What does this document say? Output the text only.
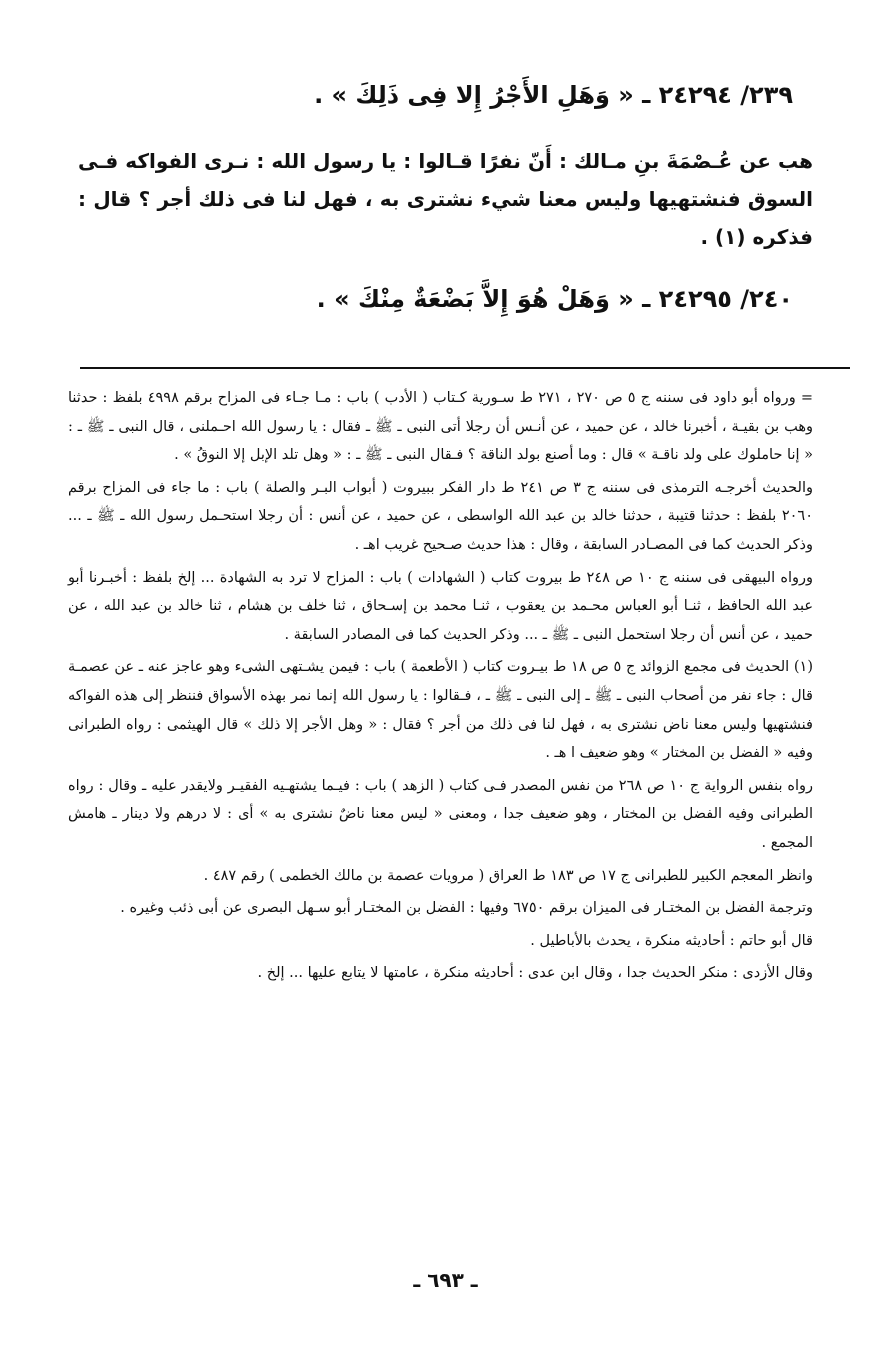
٢٣٩/ ٢٤٢٩٤ ـ « وَهَلِ الأَجْرُ إِلا فِى ذَلِكَ » .

هب عن عُـصْمَةَ بنِ مـالك : أَنّ نفرًا قـالوا : يا رسول الله : نـرى الفواكه فـى السوق فنشتهيها وليس معنا شيء نشترى به ، فهل لنا فى ذلك أجر ؟ قال : فذكره (١) .

٢٤٠/ ٢٤٢٩٥ ـ « وَهَلْ هُوَ إِلاَّ بَضْعَةٌ مِنْكَ » .

= ورواه أبو داود فى سننه ج ٥ ص ٢٧٠ ، ٢٧١ ط سـورية كـتاب ( الأدب ) باب : مـا جـاء فى المزاح برقم ٤٩٩٨ بلفظ : حدثنا وهب بن بقيـة ، أخبرنا خالد ، عن حميد ، عن أنـس أن رجلا أتى النبى ـ ﷺ ـ فقال : يا رسول الله احـملنى ، قال النبى ـ ﷺ ـ : « إنا حاملوك على ولد ناقـة » قال : وما أصنع بولد الناقة ؟ فـقال النبى ـ ﷺ ـ : « وهل تلد الإبل إلا النوقُ » .

والحديث أخرجـه الترمذى فى سننه ج ٣ ص ٢٤١ ط دار الفكر ببيروت ( أبواب البـر والصلة ) باب : ما جاء فى المزاح برقم ٢٠٦٠ بلفظ : حدثنا قتيبة ، حدثنا خالد بن عبد الله الواسطى ، عن حميد ، عن أنس : أن رجلا استحـمل رسول الله ـ ﷺ ـ ... وذكر الحديث كما فى المصـادر السابقة ، وقال : هذا حديث صـحيح غريب اهـ .

ورواه البيهقى فى سننه ج ١٠ ص ٢٤٨ ط بيروت كتاب ( الشهادات ) باب : المزاح لا ترد به الشهادة ... إلخ بلفظ : أخبـرنا أبو عبد الله الحافظ ، ثنـا أبو العباس محـمد بن يعقوب ، ثنـا محمد بن إسـحاق ، ثنا خلف بن هشام ، ثنا خالد بن عبد الله ، عن حميد ، عن أنس أن رجلا استحمل النبى ـ ﷺ ـ ... وذكر الحديث كما فى المصادر السابقة .

(١) الحديث فى مجمع الزوائد ج ٥ ص ١٨ ط بيـروت كتاب ( الأطعمة ) باب : فيمن يشـتهى الشىء وهو عاجز عنه ـ عن عصمـة قال : جاء نفر من أصحاب النبى ـ ﷺ ـ إلى النبى ـ ﷺ ـ ، فـقالوا : يا رسول الله إنما نمر بهذه الأسواق فننظر إلى هذه الفواكه فنشتهيها وليس معنا ناض نشترى به ، فهل لنا فى ذلك من أجر ؟ فقال : « وهل الأجر إلا ذلك » قال الهيثمى : رواه الطبرانى وفيه « الفضل بن المختار » وهو ضعيف ا هـ .

رواه بنفس الرواية ج ١٠ ص ٢٦٨ من نفس المصدر فـى كتاب ( الزهد ) باب : فيـما يشتهـيه الفقيـر ولايقدر عليه ـ وقال : رواه الطبرانى وفيه الفضل بن المختار ، وهو ضعيف جدا ، ومعنى « ليس معنا ناضٌ نشترى به » أى : لا درهم ولا دينار ـ هامش المجمع .

وانظر المعجم الكبير للطبرانى ج ١٧ ص ١٨٣ ط العراق ( مرويات عصمة بن مالك الخطمى ) رقم ٤٨٧ .

وترجمة الفضل بن المختـار فى الميزان برقم ٦٧٥٠ وفيها : الفضل بن المختـار أبو سـهل البصرى عن أبى ذئب وغيره .

قال أبو حاتم : أحاديثه منكرة ، يحدث بالأباطيل .

وقال الأزدى : منكر الحديث جدا ، وقال ابن عدى : أحاديثه منكرة ، عامتها لا يتابع عليها ... إلخ .

ـ ٦٩٣ ـ
